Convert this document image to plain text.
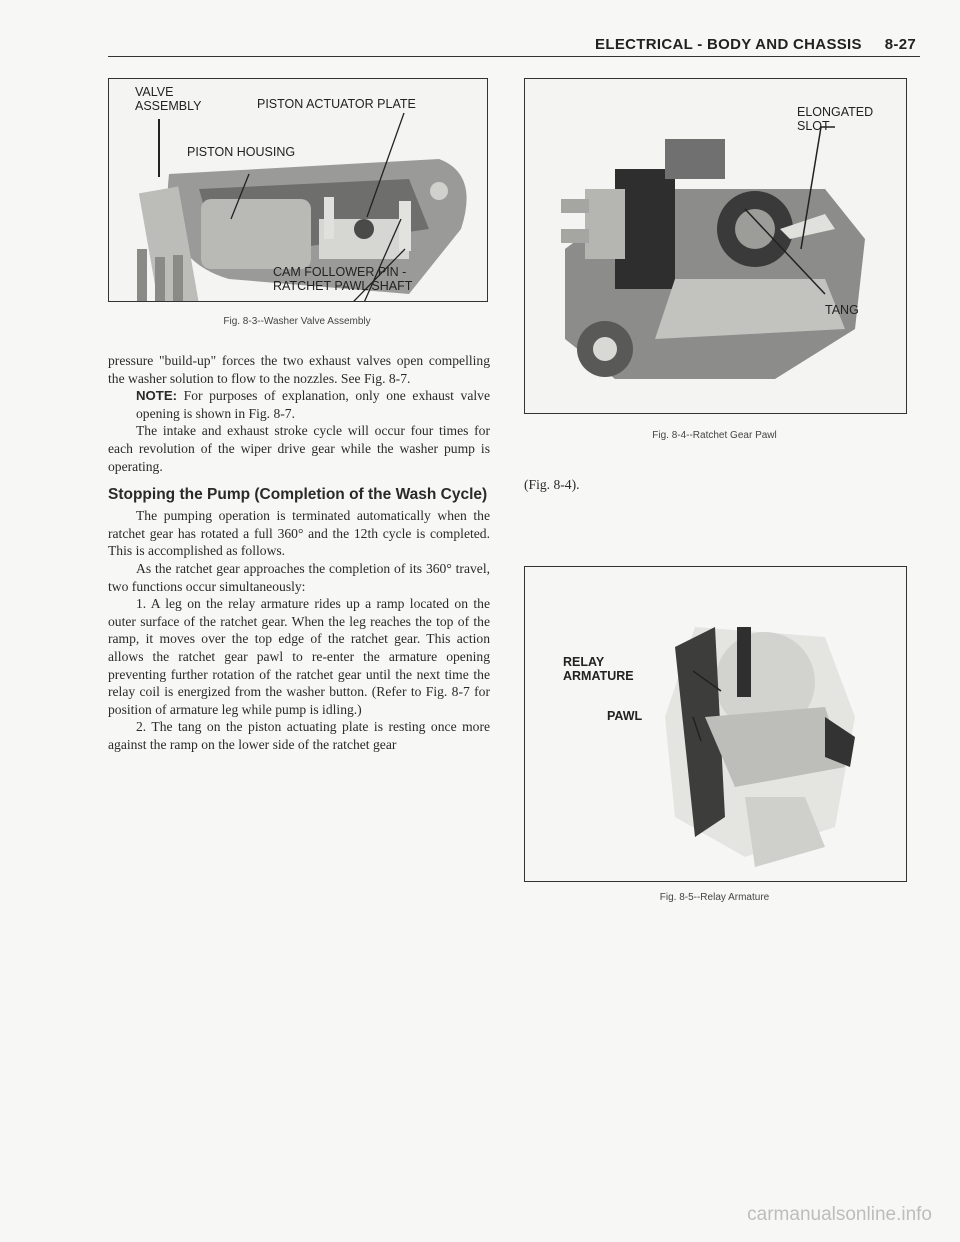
ELECTRICAL - BODY AND CHASSIS 8-27
VALVE
ASSEMBLY	PISTON ACTUATOR PLATE
PISTON HOUSING
CAM FOLLOWER PIN -
RATCHET PAWL SHAFT
Fig. 8-3--Washer Valve Assembly
ELONGATED
SLOT
TANG
Fig. 8-4--Ratchet Gear Pawl
RELAY
ARMATURE
PAWL
Fig. 8-5--Relay Armature

pressure "build-up" forces the two exhaust valves open compelling the washer solution to flow to the nozzles. See Fig. 8-7.

NOTE: For purposes of explanation, only one exhaust valve opening is shown in Fig. 8-7.

The intake and exhaust stroke cycle will occur four times for each revolution of the wiper drive gear while the washer pump is operating.

Stopping the Pump (Completion of the Wash Cycle)

The pumping operation is terminated automatically when the ratchet gear has rotated a full 360° and the 12th cycle is completed. This is accomplished as follows.

As the ratchet gear approaches the completion of its 360° travel, two functions occur simultaneously:

1. A leg on the relay armature rides up a ramp located on the outer surface of the ratchet gear. When the leg reaches the top of the ramp, it moves over the top edge of the ratchet gear. This action allows the ratchet gear pawl to re-enter the armature opening preventing further rotation of the ratchet gear until the next time the relay coil is energized from the washer button. (Refer to Fig. 8-7 for position of armature leg while pump is idling.)

2. The tang on the piston actuating plate is resting once more against the ramp on the lower side of the ratchet gear

(Fig. 8-4).

carmanualsonline.info
